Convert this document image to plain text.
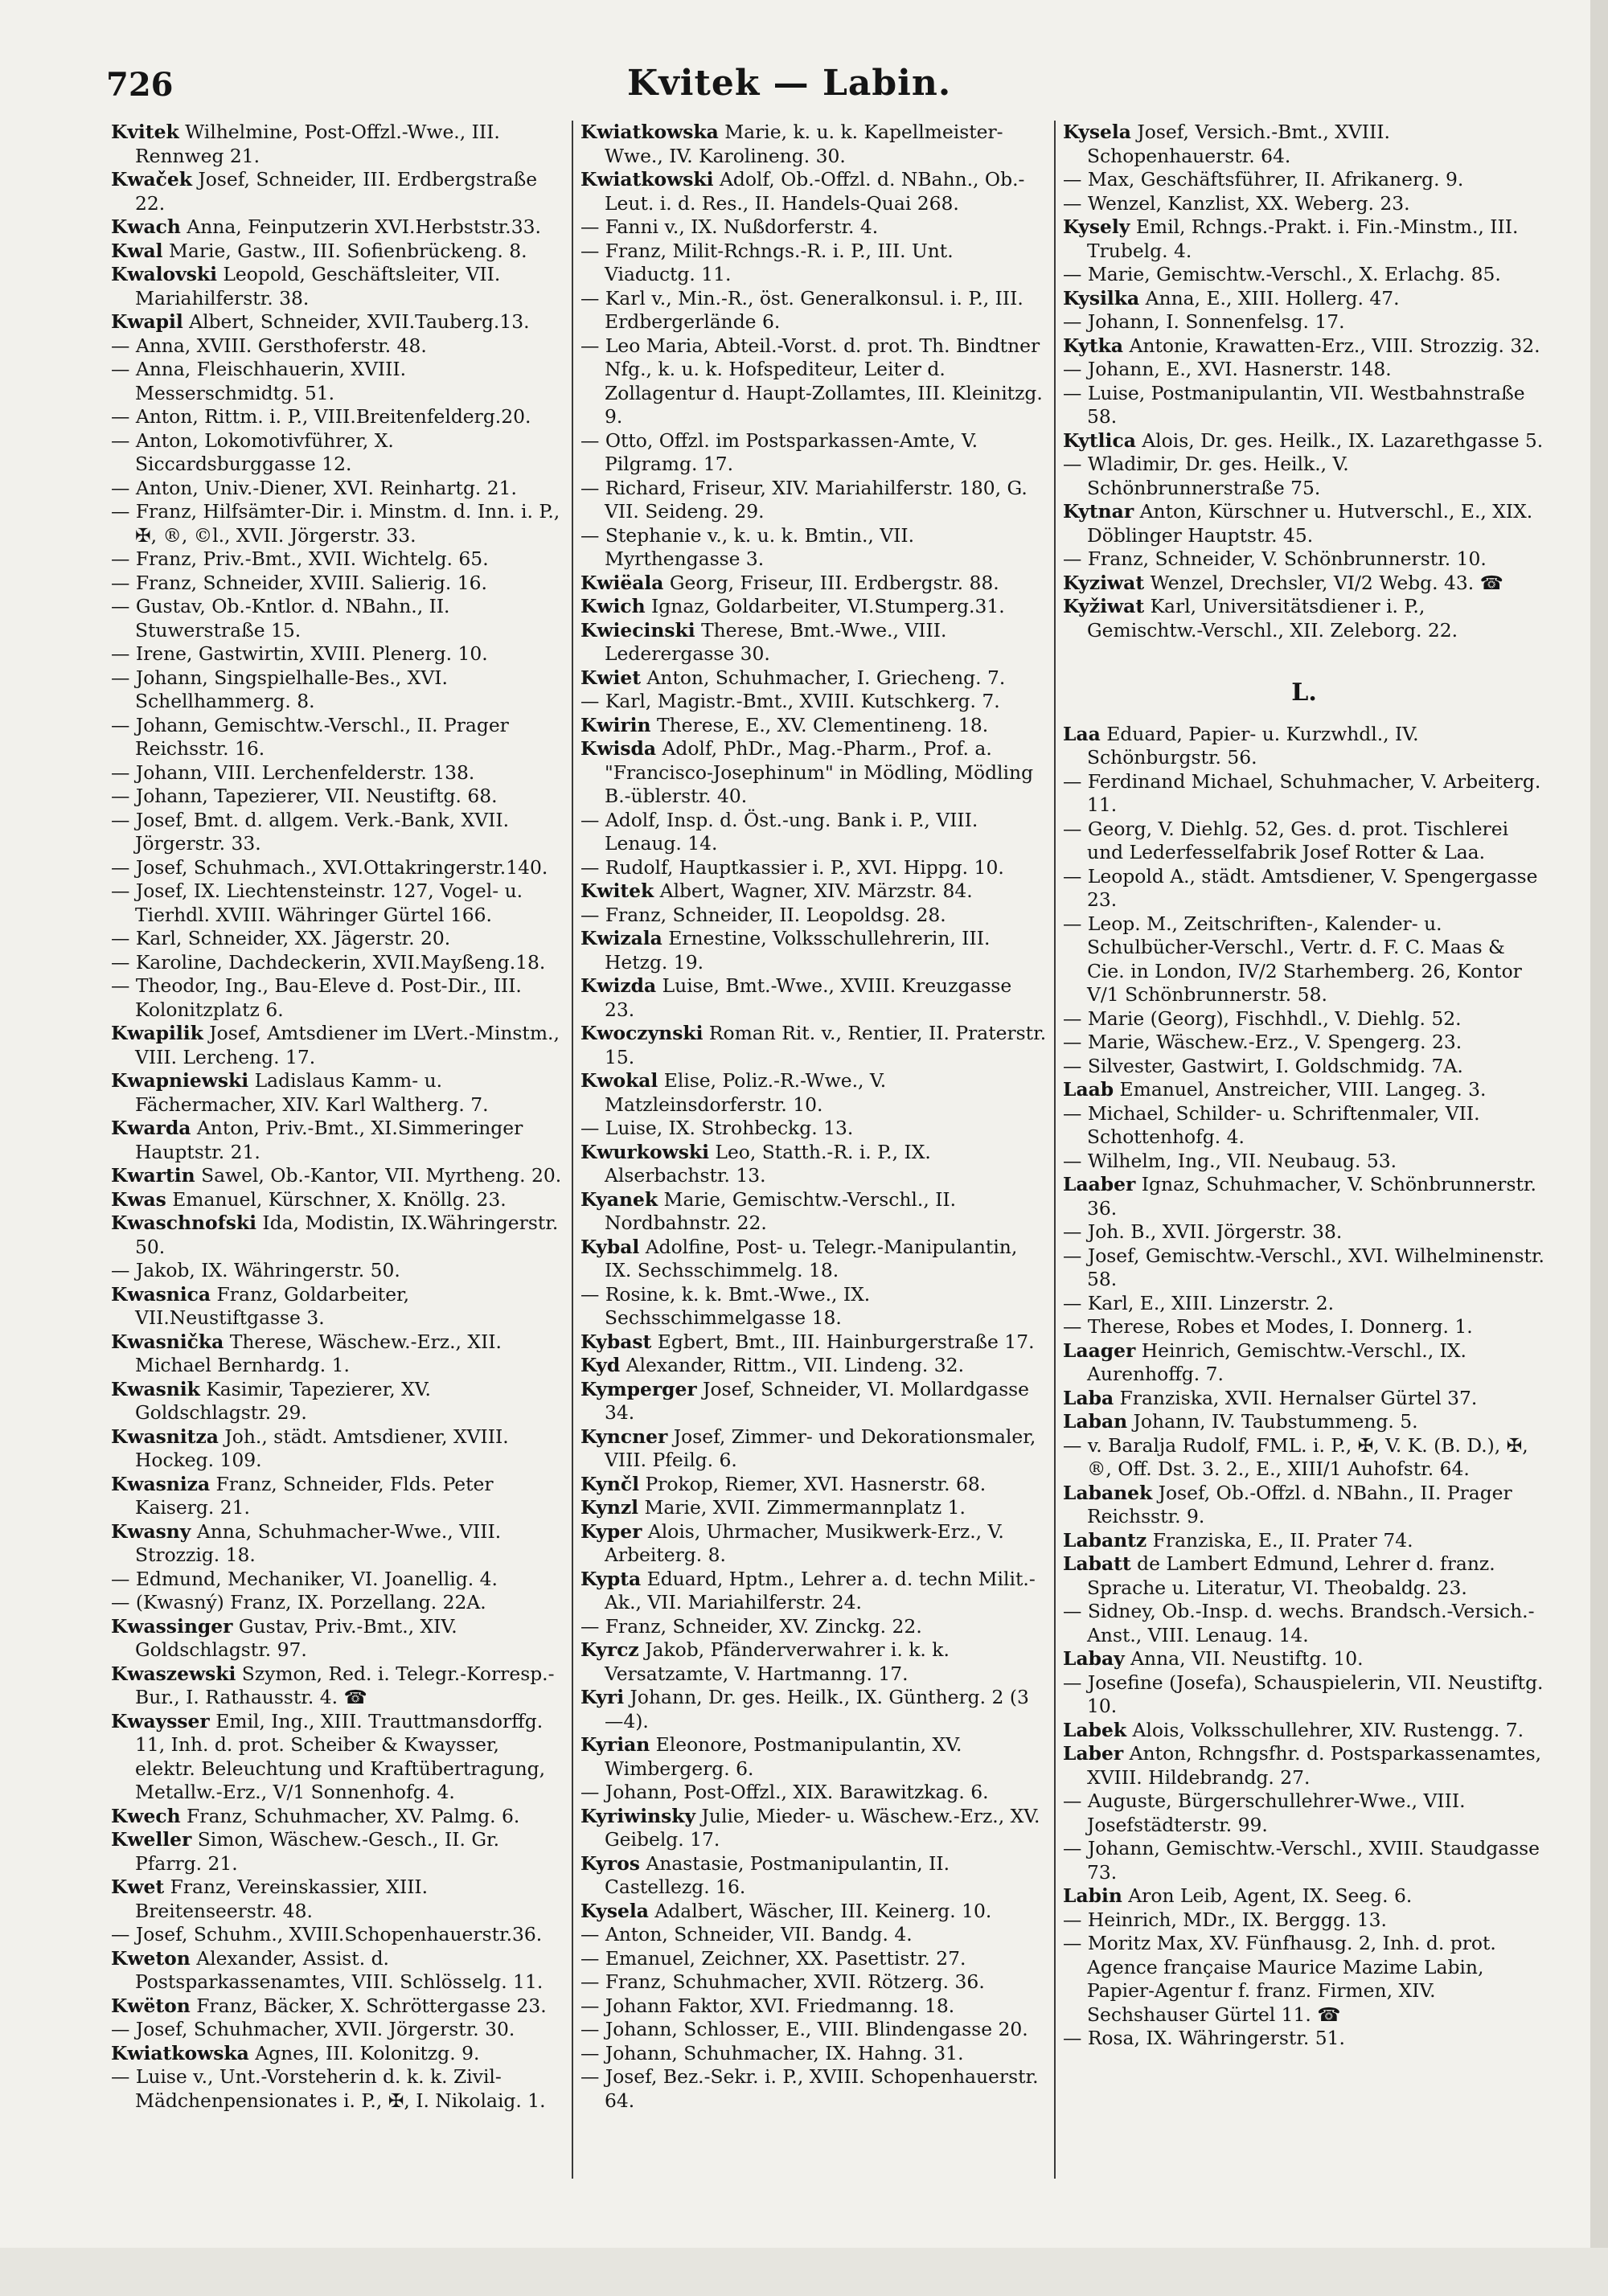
726	Kvitek — Labin.

Kvitek Wilhelmine, Post-Offzl.-Wwe., III. Rennweg 21.

Kwaček Josef, Schneider, III. Erdbergstraße 22.

Kwach Anna, Feinputzerin XVI.Herbststr.33.

Kwal Marie, Gastw., III. Sofienbrückeng. 8.

Kwalovski Leopold, Geschäftsleiter, VII. Mariahilferstr. 38.

Kwapil Albert, Schneider, XVII.Tauberg.13.

— Anna, XVIII. Gersthoferstr. 48.

— Anna, Fleischhauerin, XVIII. Messerschmidtg. 51.

— Anton, Rittm. i. P., VIII.Breitenfelderg.20.

— Anton, Lokomotivführer, X. Siccardsburggasse 12.

— Anton, Univ.-Diener, XVI. Reinhartg. 21.

— Franz, Hilfsämter-Dir. i. Minstm. d. Inn. i. P., ✠, ®, ©l., XVII. Jörgerstr. 33.

— Franz, Priv.-Bmt., XVII. Wichtelg. 65.

— Franz, Schneider, XVIII. Salierig. 16.

— Gustav, Ob.-Kntlor. d. NBahn., II. Stuwerstraße 15.

— Irene, Gastwirtin, XVIII. Plenerg. 10.

— Johann, Singspielhalle-Bes., XVI. Schellhammerg. 8.

— Johann, Gemischtw.-Verschl., II. Prager Reichsstr. 16.

— Johann, VIII. Lerchenfelderstr. 138.

— Johann, Tapezierer, VII. Neustiftg. 68.

— Josef, Bmt. d. allgem. Verk.-Bank, XVII. Jörgerstr. 33.

— Josef, Schuhmach., XVI.Ottakringerstr.140.

— Josef, IX. Liechtensteinstr. 127, Vogel- u. Tierhdl. XVIII. Währinger Gürtel 166.

— Karl, Schneider, XX. Jägerstr. 20.

— Karoline, Dachdeckerin, XVII.Mayßeng.18.

— Theodor, Ing., Bau-Eleve d. Post-Dir., III. Kolonitzplatz 6.

Kwapilik Josef, Amtsdiener im LVert.-Minstm., VIII. Lercheng. 17.

Kwapniewski Ladislaus Kamm- u. Fächermacher, XIV. Karl Waltherg. 7.

Kwarda Anton, Priv.-Bmt., XI.Simmeringer Hauptstr. 21.

Kwartin Sawel, Ob.-Kantor, VII. Myrtheng. 20.

Kwas Emanuel, Kürschner, X. Knöllg. 23.

Kwaschnofski Ida, Modistin, IX.Währingerstr. 50.

— Jakob, IX. Währingerstr. 50.

Kwasnica Franz, Goldarbeiter, VII.Neustiftgasse 3.

Kwasnička Therese, Wäschew.-Erz., XII. Michael Bernhardg. 1.

Kwasnik Kasimir, Tapezierer, XV. Goldschlagstr. 29.

Kwasnitza Joh., städt. Amtsdiener, XVIII. Hockeg. 109.

Kwasniza Franz, Schneider, Flds. Peter Kaiserg. 21.

Kwasny Anna, Schuhmacher-Wwe., VIII. Strozzig. 18.

— Edmund, Mechaniker, VI. Joanellig. 4.

— (Kwasný) Franz, IX. Porzellang. 22A.

Kwassinger Gustav, Priv.-Bmt., XIV. Goldschlagstr. 97.

Kwaszewski Szymon, Red. i. Telegr.-Korresp.-Bur., I. Rathausstr. 4. ☎

Kwaysser Emil, Ing., XIII. Trauttmansdorffg. 11, Inh. d. prot. Scheiber & Kwaysser, elektr. Beleuchtung und Kraftübertragung, Metallw.-Erz., V/1 Sonnenhofg. 4.

Kwech Franz, Schuhmacher, XV. Palmg. 6.

Kweller Simon, Wäschew.-Gesch., II. Gr. Pfarrg. 21.

Kwet Franz, Vereinskassier, XIII. Breitenseerstr. 48.

— Josef, Schuhm., XVIII.Schopenhauerstr.36.

Kweton Alexander, Assist. d. Postsparkassenamtes, VIII. Schlösselg. 11.

Kwëton Franz, Bäcker, X. Schröttergasse 23.

— Josef, Schuhmacher, XVII. Jörgerstr. 30.

Kwiatkowska Agnes, III. Kolonitzg. 9.

— Luise v., Unt.-Vorsteherin d. k. k. Zivil-Mädchenpensionates i. P., ✠, I. Nikolaig. 1.

Kwiatkowska Marie, k. u. k. Kapellmeister-Wwe., IV. Karolineng. 30.

Kwiatkowski Adolf, Ob.-Offzl. d. NBahn., Ob.-Leut. i. d. Res., II. Handels-Quai 268.

— Fanni v., IX. Nußdorferstr. 4.

— Franz, Milit-Rchngs.-R. i. P., III. Unt. Viaductg. 11.

— Karl v., Min.-R., öst. Generalkonsul. i. P., III. Erdbergerlände 6.

— Leo Maria, Abteil.-Vorst. d. prot. Th. Bindtner Nfg., k. u. k. Hofspediteur, Leiter d. Zollagentur d. Haupt-Zollamtes, III. Kleinitzg. 9.

— Otto, Offzl. im Postsparkassen-Amte, V. Pilgramg. 17.

— Richard, Friseur, XIV. Mariahilferstr. 180, G. VII. Seideng. 29.

— Stephanie v., k. u. k. Bmtin., VII. Myrthengasse 3.

Kwiëala Georg, Friseur, III. Erdbergstr. 88.

Kwich Ignaz, Goldarbeiter, VI.Stumperg.31.

Kwiecinski Therese, Bmt.-Wwe., VIII. Lederergasse 30.

Kwiet Anton, Schuhmacher, I. Griecheng. 7.

— Karl, Magistr.-Bmt., XVIII. Kutschkerg. 7.

Kwirin Therese, E., XV. Clementineng. 18.

Kwisda Adolf, PhDr., Mag.-Pharm., Prof. a. "Francisco-Josephinum" in Mödling, Mödling B.-üblerstr. 40.

— Adolf, Insp. d. Öst.-ung. Bank i. P., VIII. Lenaug. 14.

— Rudolf, Hauptkassier i. P., XVI. Hippg. 10.

Kwitek Albert, Wagner, XIV. Märzstr. 84.

— Franz, Schneider, II. Leopoldsg. 28.

Kwizala Ernestine, Volksschullehrerin, III. Hetzg. 19.

Kwizda Luise, Bmt.-Wwe., XVIII. Kreuzgasse 23.

Kwoczynski Roman Rit. v., Rentier, II. Praterstr. 15.

Kwokal Elise, Poliz.-R.-Wwe., V. Matzleinsdorferstr. 10.

— Luise, IX. Strohbeckg. 13.

Kwurkowski Leo, Statth.-R. i. P., IX. Alserbachstr. 13.

Kyanek Marie, Gemischtw.-Verschl., II. Nordbahnstr. 22.

Kybal Adolfine, Post- u. Telegr.-Manipulantin, IX. Sechsschimmelg. 18.

— Rosine, k. k. Bmt.-Wwe., IX. Sechsschimmelgasse 18.

Kybast Egbert, Bmt., III. Hainburgerstraße 17.

Kyd Alexander, Rittm., VII. Lindeng. 32.

Kymperger Josef, Schneider, VI. Mollardgasse 34.

Kyncner Josef, Zimmer- und Dekorationsmaler, VIII. Pfeilg. 6.

Kynčl Prokop, Riemer, XVI. Hasnerstr. 68.

Kynzl Marie, XVII. Zimmermannplatz 1.

Kyper Alois, Uhrmacher, Musikwerk-Erz., V. Arbeiterg. 8.

Kypta Eduard, Hptm., Lehrer a. d. techn Milit.-Ak., VII. Mariahilferstr. 24.

— Franz, Schneider, XV. Zinckg. 22.

Kyrcz Jakob, Pfänderverwahrer i. k. k. Versatzamte, V. Hartmanng. 17.

Kyri Johann, Dr. ges. Heilk., IX. Güntherg. 2 (3—4).

Kyrian Eleonore, Postmanipulantin, XV. Wimbergerg. 6.

— Johann, Post-Offzl., XIX. Barawitzkag. 6.

Kyriwinsky Julie, Mieder- u. Wäschew.-Erz., XV. Geibelg. 17.

Kyros Anastasie, Postmanipulantin, II. Castellezg. 16.

Kysela Adalbert, Wäscher, III. Keinerg. 10.

— Anton, Schneider, VII. Bandg. 4.

— Emanuel, Zeichner, XX. Pasettistr. 27.

— Franz, Schuhmacher, XVII. Rötzerg. 36.

— Johann Faktor, XVI. Friedmanng. 18.

— Johann, Schlosser, E., VIII. Blindengasse 20.

— Johann, Schuhmacher, IX. Hahng. 31.

— Josef, Bez.-Sekr. i. P., XVIII. Schopenhauerstr. 64.

Kysela Josef, Versich.-Bmt., XVIII. Schopenhauerstr. 64.

— Max, Geschäftsführer, II. Afrikanerg. 9.

— Wenzel, Kanzlist, XX. Weberg. 23.

Kysely Emil, Rchngs.-Prakt. i. Fin.-Minstm., III. Trubelg. 4.

— Marie, Gemischtw.-Verschl., X. Erlachg. 85.

Kysilka Anna, E., XIII. Hollerg. 47.

— Johann, I. Sonnenfelsg. 17.

Kytka Antonie, Krawatten-Erz., VIII. Strozzig. 32.

— Johann, E., XVI. Hasnerstr. 148.

— Luise, Postmanipulantin, VII. Westbahnstraße 58.

Kytlica Alois, Dr. ges. Heilk., IX. Lazarethgasse 5.

— Wladimir, Dr. ges. Heilk., V. Schönbrunnerstraße 75.

Kytnar Anton, Kürschner u. Hutverschl., E., XIX. Döblinger Hauptstr. 45.

— Franz, Schneider, V. Schönbrunnerstr. 10.

Kyziwat Wenzel, Drechsler, VI/2 Webg. 43. ☎

Kyžiwat Karl, Universitätsdiener i. P., Gemischtw.-Verschl., XII. Zeleborg. 22.

L.

Laa Eduard, Papier- u. Kurzwhdl., IV. Schönburgstr. 56.

— Ferdinand Michael, Schuhmacher, V. Arbeiterg. 11.

— Georg, V. Diehlg. 52, Ges. d. prot. Tischlerei und Lederfesselfabrik Josef Rotter & Laa.

— Leopold A., städt. Amtsdiener, V. Spengergasse 23.

— Leop. M., Zeitschriften-, Kalender- u. Schulbücher-Verschl., Vertr. d. F. C. Maas & Cie. in London, IV/2 Starhemberg. 26, Kontor V/1 Schönbrunnerstr. 58.

— Marie (Georg), Fischhdl., V. Diehlg. 52.

— Marie, Wäschew.-Erz., V. Spengerg. 23.

— Silvester, Gastwirt, I. Goldschmidg. 7A.

Laab Emanuel, Anstreicher, VIII. Langeg. 3.

— Michael, Schilder- u. Schriftenmaler, VII. Schottenhofg. 4.

— Wilhelm, Ing., VII. Neubaug. 53.

Laaber Ignaz, Schuhmacher, V. Schönbrunnerstr. 36.

— Joh. B., XVII. Jörgerstr. 38.

— Josef, Gemischtw.-Verschl., XVI. Wilhelminenstr. 58.

— Karl, E., XIII. Linzerstr. 2.

— Therese, Robes et Modes, I. Donnerg. 1.

Laager Heinrich, Gemischtw.-Verschl., IX. Aurenhoffg. 7.

Laba Franziska, XVII. Hernalser Gürtel 37.

Laban Johann, IV. Taubstummeng. 5.

— v. Baralja Rudolf, FML. i. P., ✠, V. K. (B. D.), ✠, ®, Off. Dst. 3. 2., E., XIII/1 Auhofstr. 64.

Labanek Josef, Ob.-Offzl. d. NBahn., II. Prager Reichsstr. 9.

Labantz Franziska, E., II. Prater 74.

Labatt de Lambert Edmund, Lehrer d. franz. Sprache u. Literatur, VI. Theobaldg. 23.

— Sidney, Ob.-Insp. d. wechs. Brandsch.-Versich.-Anst., VIII. Lenaug. 14.

Labay Anna, VII. Neustiftg. 10.

— Josefine (Josefa), Schauspielerin, VII. Neustiftg. 10.

Labek Alois, Volksschullehrer, XIV. Rustengg. 7.

Laber Anton, Rchngsfhr. d. Postsparkassenamtes, XVIII. Hildebrandg. 27.

— Auguste, Bürgerschullehrer-Wwe., VIII. Josefstädterstr. 99.

— Johann, Gemischtw.-Verschl., XVIII. Staudgasse 73.

Labin Aron Leib, Agent, IX. Seeg. 6.

— Heinrich, MDr., IX. Berggg. 13.

— Moritz Max, XV. Fünfhausg. 2, Inh. d. prot. Agence française Maurice Mazime Labin, Papier-Agentur f. franz. Firmen, XIV. Sechshauser Gürtel 11. ☎

— Rosa, IX. Währingerstr. 51.
